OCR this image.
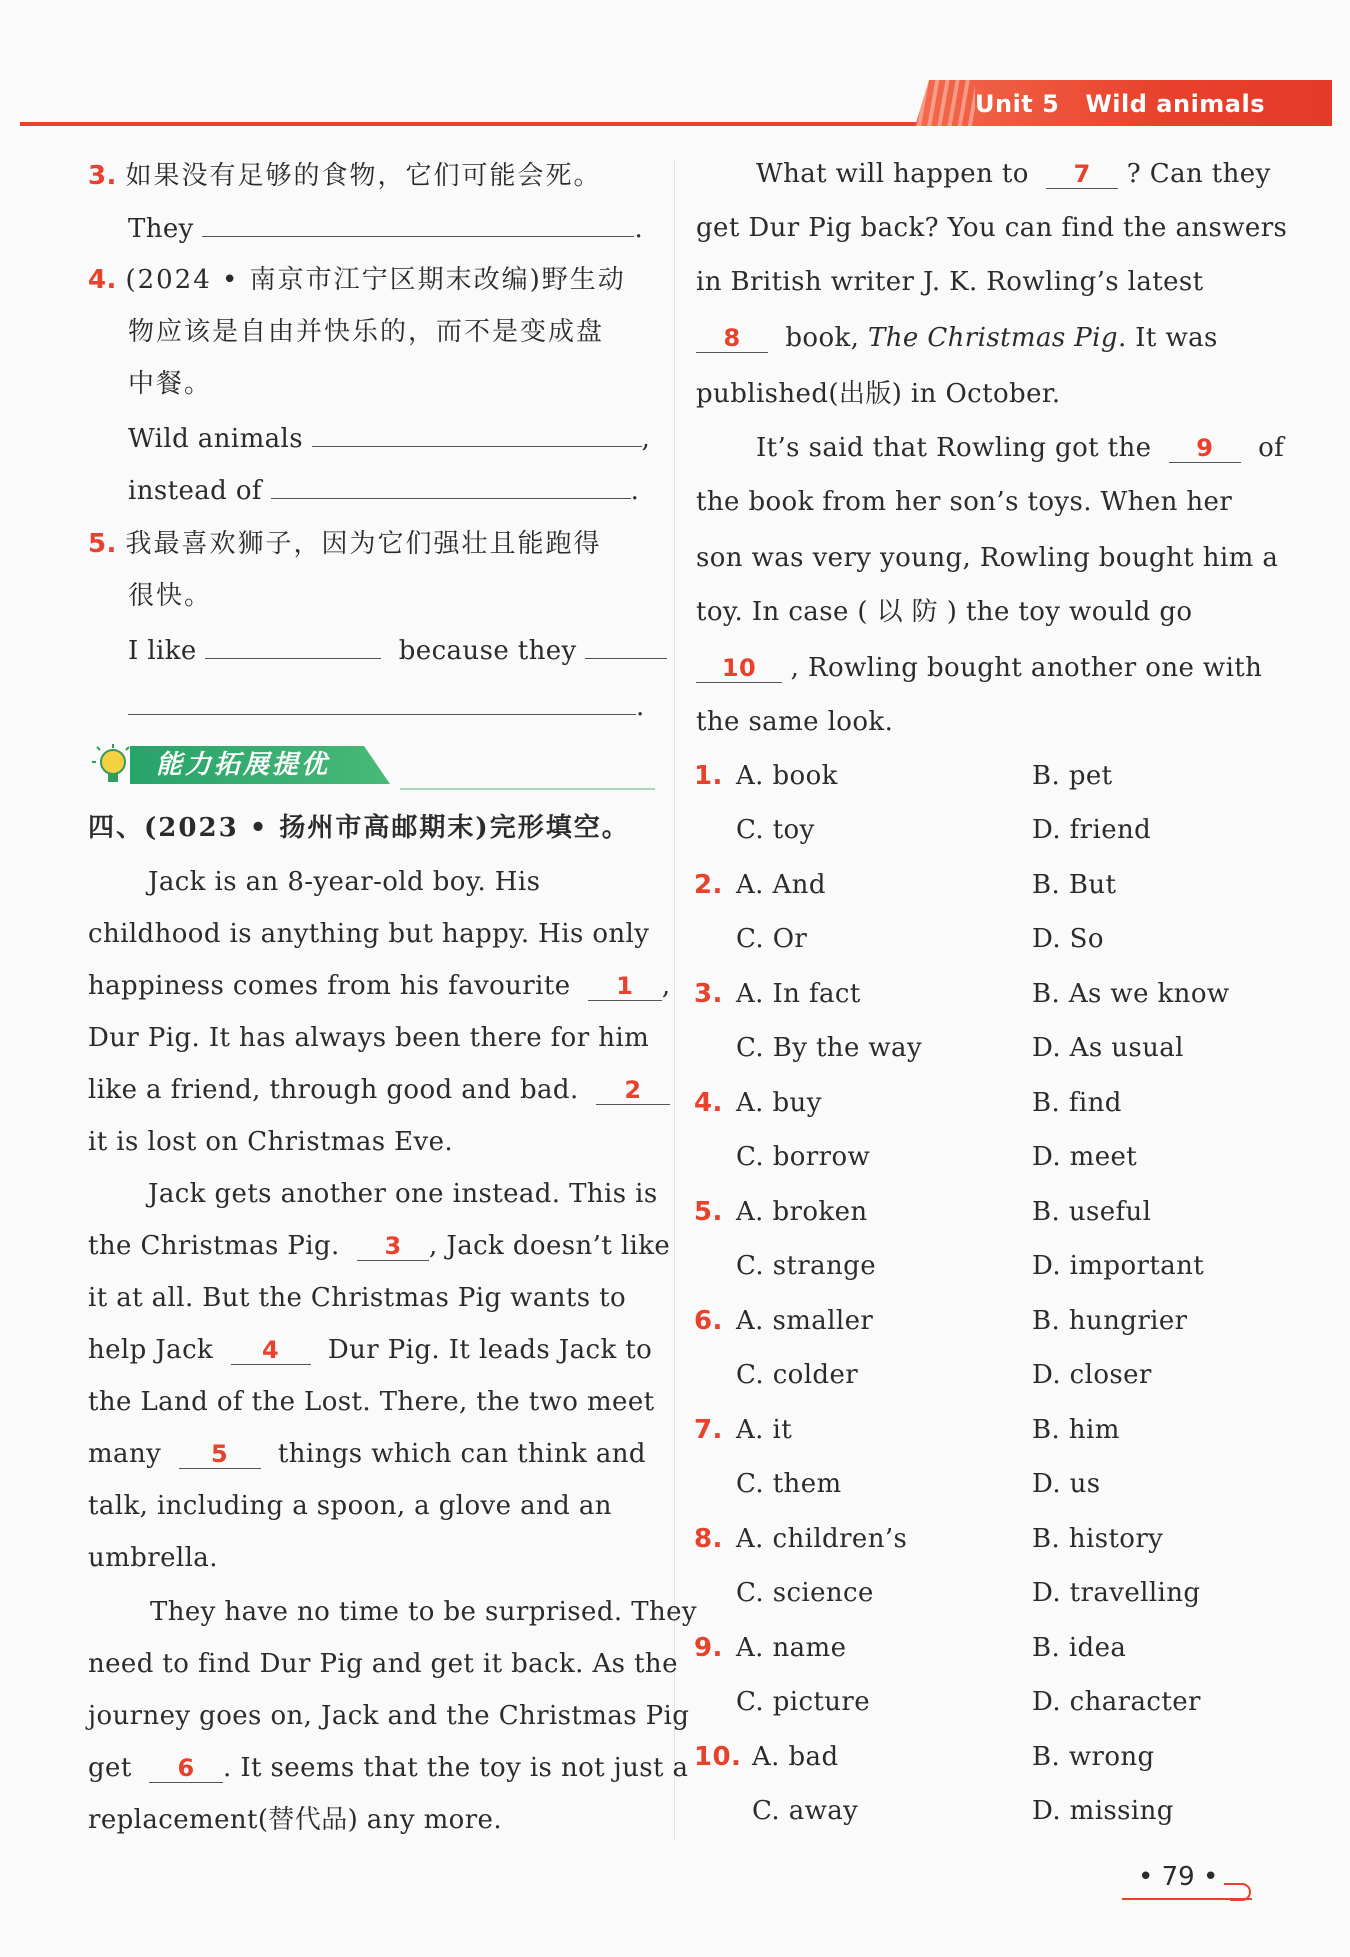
Unit 5 Wild animals
3. 如果没有足够的食物，它们可能会死。
They	.
4. (2024 • 南京市江宁区期末改编)野生动
物应该是自由并快乐的，而不是变成盘
中餐。
Wild animals	,
instead of	.
5. 我最喜欢狮子，因为它们强壮且能跑得
很快。
I like	because they
.
能力拓展提优
四、(2023 • 扬州市高邮期末)完形填空。
Jack is an 8-year-old boy. His
childhood is anything but happy. His only
happiness comes from his favourite 1 ,
Dur Pig. It has always been there for him
like a friend, through good and bad. 2
it is lost on Christmas Eve.
Jack gets another one instead. This is
the Christmas Pig. 3 , Jack doesn’t like
it at all. But the Christmas Pig wants to
help Jack 4 Dur Pig. It leads Jack to
the Land of the Lost. There, the two meet
many 5 things which can think and
talk, including a spoon, a glove and an
umbrella.
They have no time to be surprised. They
need to find Dur Pig and get it back. As the
journey goes on, Jack and the Christmas Pig
get 6 . It seems that the toy is not just a
replacement(替代品) any more.
What will happen to 7 ? Can they
get Dur Pig back? You can find the answers
in British writer J. K. Rowling’s latest
8 book, The Christmas Pig. It was
published(出版) in October.
It’s said that Rowling got the 9 of
the book from her son’s toys. When her
son was very young, Rowling bought him a
toy. In case ( 以 防 ) the toy would go
10 , Rowling bought another one with
the same look.
1. A. book	B. pet
C. toy	D. friend
2. A. And	B. But
C. Or	D. So
3. A. In fact	B. As we know
C. By the way	D. As usual
4. A. buy	B. find
C. borrow	D. meet
5. A. broken	B. useful
C. strange	D. important
6. A. smaller	B. hungrier
C. colder	D. closer
7. A. it	B. him
C. them	D. us
8. A. children’s	B. history
C. science	D. travelling
9. A. name	B. idea
C. picture	D. character
10. A. bad	B. wrong
C. away	D. missing
• 79 •
